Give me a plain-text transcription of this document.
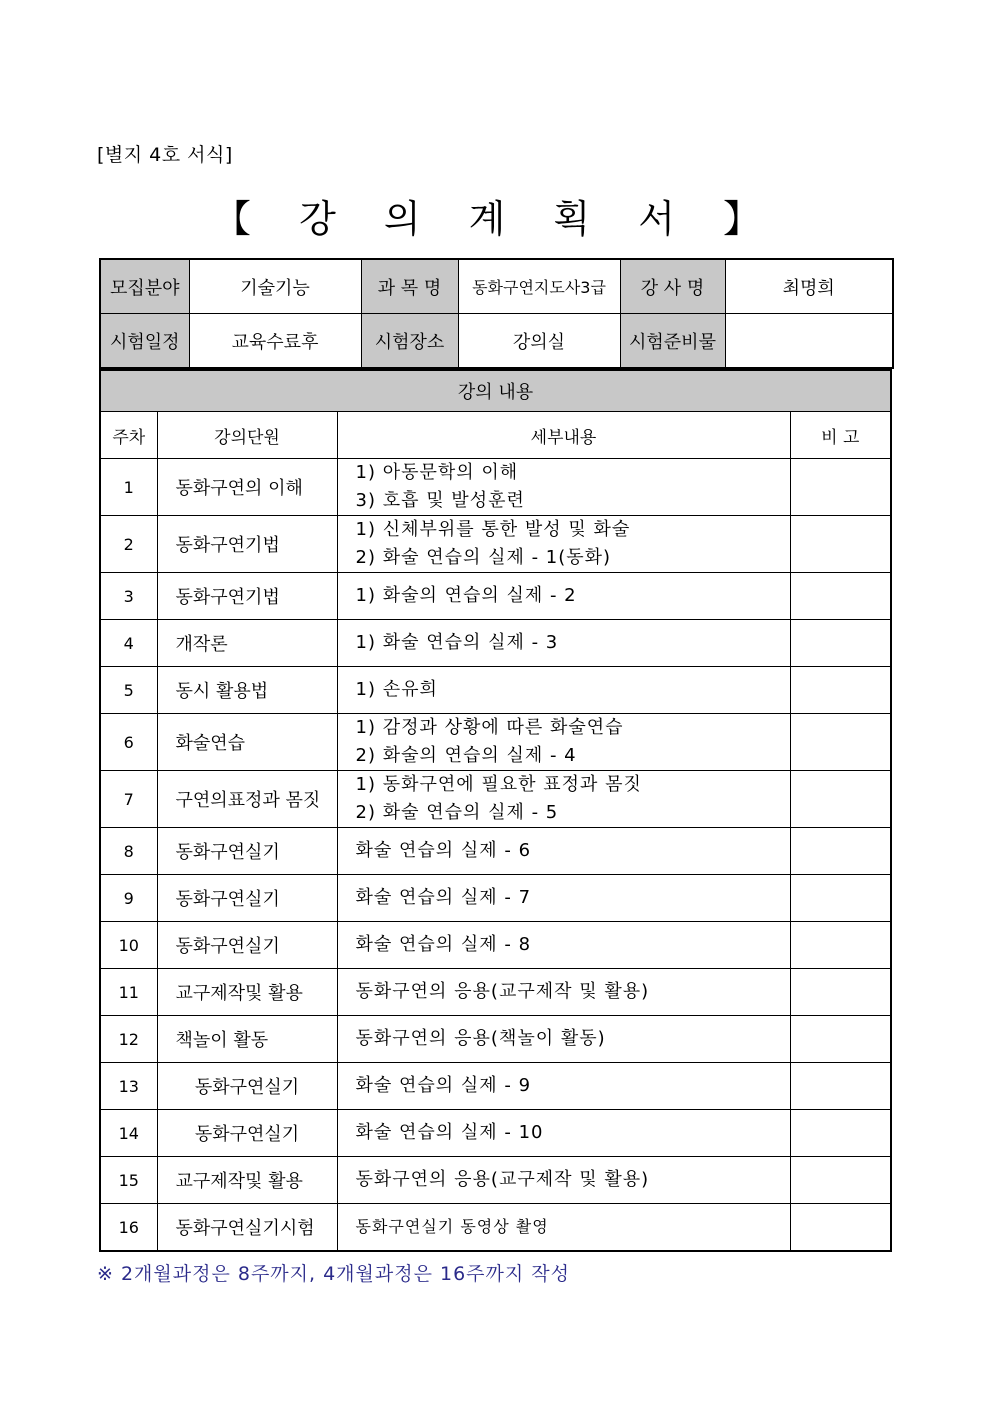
[별지 4호 서식]
【 강 의 계 획 서 】
모집분야	기술기능	과 목 명	동화구연지도사3급	강 사 명	최명희
시험일정	교육수료후	시험장소	강의실	시험준비물	
강의 내용			
주차	강의단원	세부내용	비 고
1	동화구연의 이해	1) 아동문학의 이해
3) 호흡 및 발성훈련	

2	동화구연기법	1) 신체부위를 통한 발성 및 화술
2) 화술 연습의 실제 - 1(동화)	

3	동화구연기법	1) 화술의 연습의 실제 - 2	

4	개작론	1) 화술 연습의 실제 - 3	

5	동시 활용법	1) 손유희	

6	화술연습	1) 감정과 상황에 따른 화술연습
2) 화술의 연습의 실제 - 4	

7	구연의표정과 몸짓	1) 동화구연에 필요한 표정과 몸짓
2) 화술 연습의 실제 - 5	

8	동화구연실기	화술 연습의 실제 - 6	

9	동화구연실기	화술 연습의 실제 - 7	

10	동화구연실기	화술 연습의 실제 - 8	

11	교구제작및 활용	동화구연의 응용(교구제작 및 활용)	

12	책놀이 활동	동화구연의 응용(책놀이 활동)	

13	동화구연실기	화술 연습의 실제 - 9	

14	동화구연실기	화술 연습의 실제 - 10	

15	교구제작및 활용	동화구연의 응용(교구제작 및 활용)	

16	동화구연실기시험	동화구연실기 동영상 촬영	

※ 2개월과정은 8주까지, 4개월과정은 16주까지 작성
